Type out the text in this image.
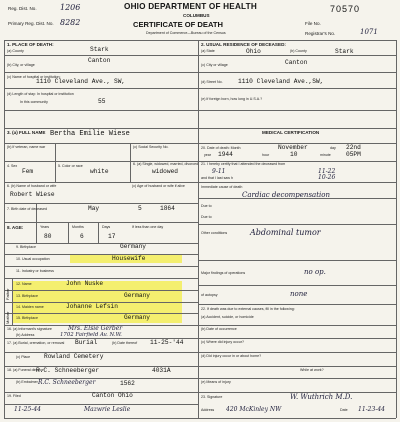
Reg. Dist. No.	1206
Primary Reg. Dist. No. 8282
OHIO DEPARTMENT OF HEALTH
COLUMBUS
CERTIFICATE OF DEATH
Department of Commerce—Bureau of the Census
70570
File No.
Registrar's No.	1071
1. PLACE OF DEATH:
(a) County	Stark
(b) City, or village
Canton
(c) Name of hospital or institution:
1110 Cleveland Ave., SW,
(d) Length of stay: In hospital or institution
In this community	55
2. USUAL RESIDENCE OF DECEASED:
(a) State	Ohio	(b) County	Stark
(c) City or village	Canton
(d) Street No. 1110 Cleveland Ave.,SW,
(e) If foreign born, how long in U.S.A.?
3. (a) FULL NAME Bertha Emilie Wiese
(b) If veteran, name war	(c) Social Security No.
4. Sex
Fem
5. Color or race
white
6. (a) Single, widowed, married, divorced
widowed
6. (b) Name of husband or wife
Robert Wiese
(c) Age of husband or wife if alive
7. Birth date of deceased	May	5	1864
8. AGE:	Years	Months	Days	If less than one day
80	6	17
9. Birthplace	Germany
10. Usual occupation	Housewife
11. Industry or business
Father
Mother
12. Name	John Nuske
13. Birthplace	Germany
14. Maiden name	Johanne Lefsin
15. Birthplace	Germany
16. (a) Informant's signature	Mrs. Elsie Gerber
(b) Address	1702 Fairfield Av. N.W.
17. (a) Burial, cremation, or removal Burial	(b) Date thereof 11-25-'44
(c) Place Rowland Cemetery
18. (a) Funeral director
R.C. Schneeberger	4031A
(b) Embalmer R.C. Schneeberger	1562
19. Filed	Canton Ohio
11-25-44	Mazwrie Leslie
MEDICAL CERTIFICATION
20. Date of death: Month	November	day 22nd
year 1944	hour	10	minute 05PM
21. I hereby certify that I attended the deceased from
9-11	11-22
and that I last saw h	10-26
Immediate cause of death
Cardiac decompensation
Due to
Due to
Other conditions	Abdominal tumor
Major findings of operations	no op.
of autopsy	none
22. If death was due to external causes, fill in the following:
(a) Accident, suicide, or homicide
(b) Date of occurrence
(c) Where did injury occur?
(d) Did injury occur in or about home?
While at work?
(e) Means of injury
23. Signature	W. Wuthrich M.D.
Address 420 McKinley NW	Date 11-23-44
